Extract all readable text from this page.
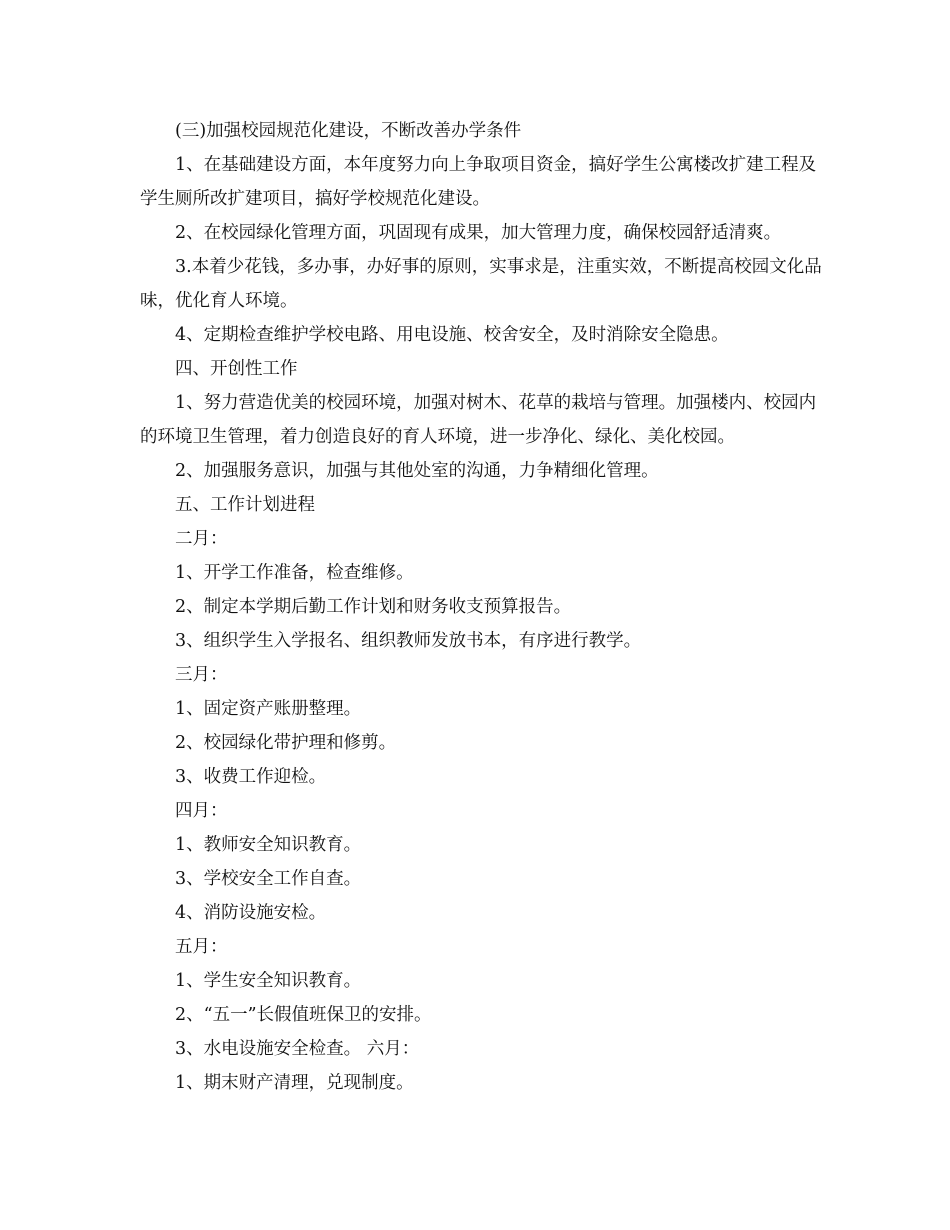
(三)加强校园规范化建设，不断改善办学条件

1、在基础建设方面，本年度努力向上争取项目资金，搞好学生公寓楼改扩建工程及学生厕所改扩建项目，搞好学校规范化建设。

2、在校园绿化管理方面，巩固现有成果，加大管理力度，确保校园舒适清爽。

3.本着少花钱，多办事，办好事的原则，实事求是，注重实效，不断提高校园文化品味，优化育人环境。

4、定期检查维护学校电路、用电设施、校舍安全，及时消除安全隐患。

四、开创性工作

1、努力营造优美的校园环境，加强对树木、花草的栽培与管理。加强楼内、校园内的环境卫生管理，着力创造良好的育人环境，进一步净化、绿化、美化校园。

2、加强服务意识，加强与其他处室的沟通，力争精细化管理。

五、工作计划进程

二月：

1、开学工作准备，检查维修。

2、制定本学期后勤工作计划和财务收支预算报告。

3、组织学生入学报名、组织教师发放书本，有序进行教学。

三月：

1、固定资产账册整理。

2、校园绿化带护理和修剪。

3、收费工作迎检。

四月：

1、教师安全知识教育。

3、学校安全工作自查。

4、消防设施安检。

五月：

1、学生安全知识教育。

2、“五一”长假值班保卫的安排。

3、水电设施安全检查。 六月：

1、期末财产清理，兑现制度。
